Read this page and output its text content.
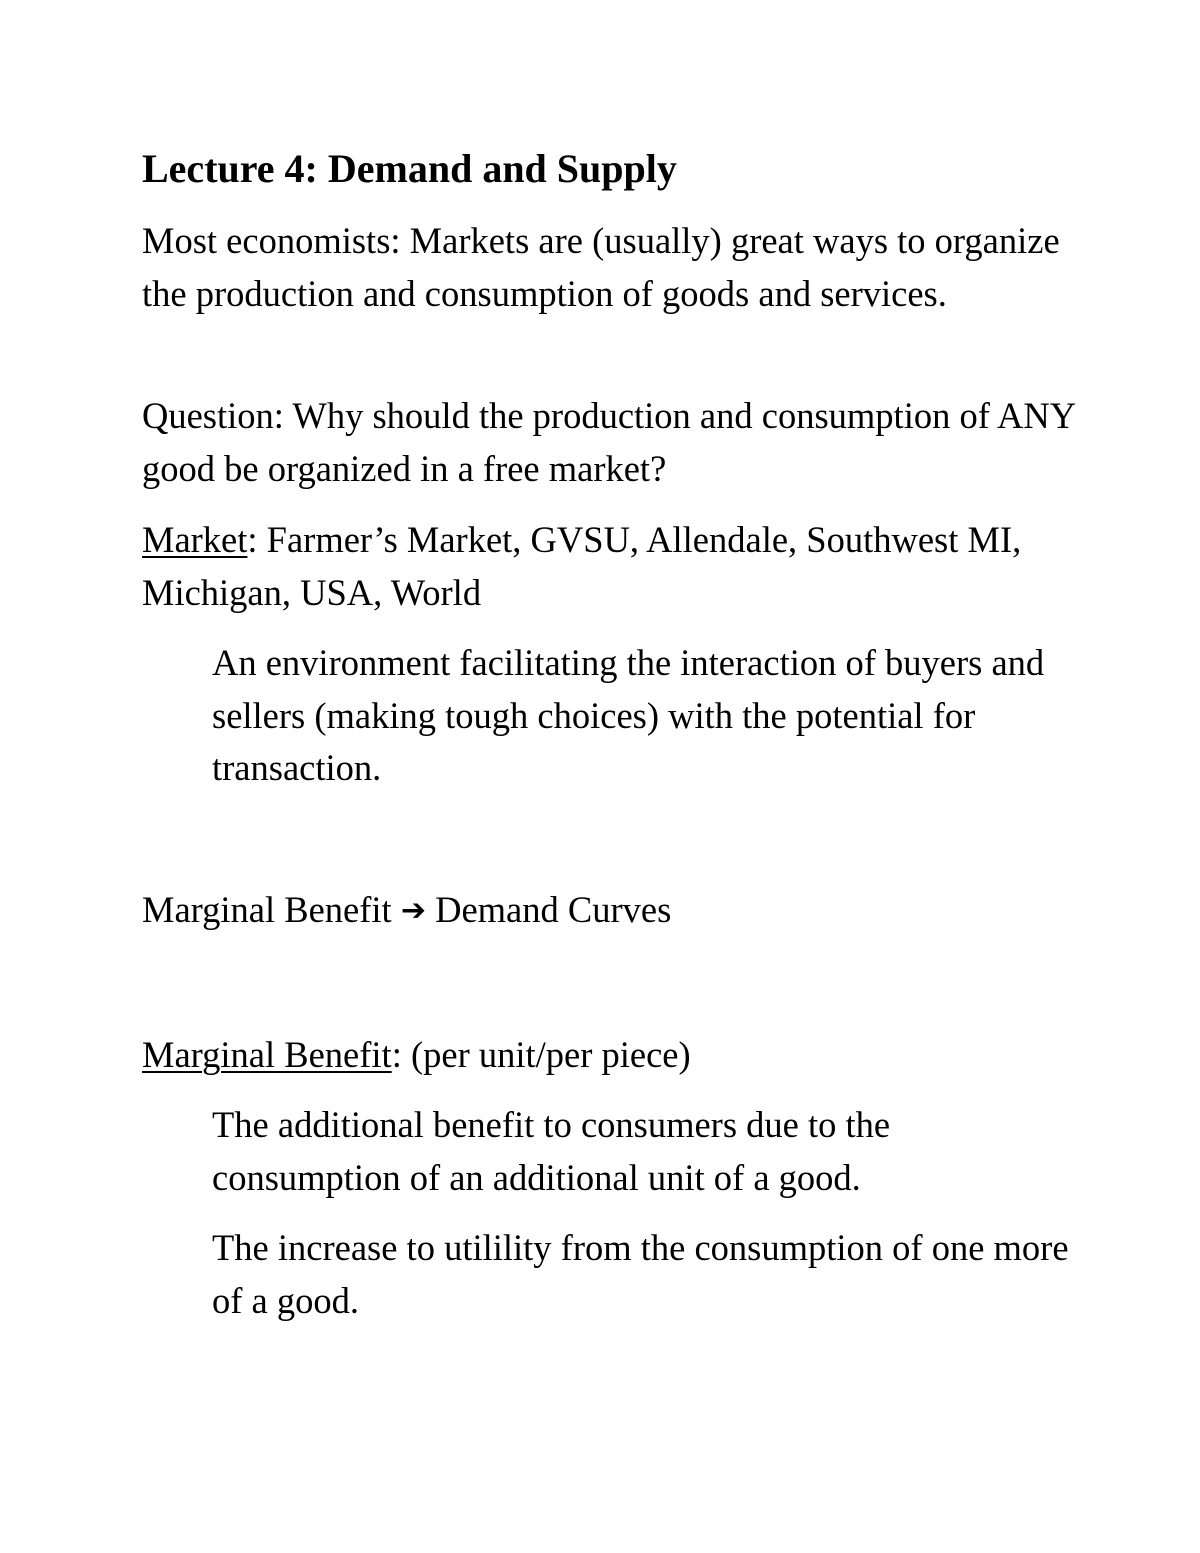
Lecture 4: Demand and Supply

Most economists: Markets are (usually) great ways to organize the production and consumption of goods and services.

Question: Why should the production and consumption of ANY good be organized in a free market?

Market: Farmer’s Market, GVSU, Allendale, Southwest MI, Michigan, USA, World

An environment facilitating the interaction of buyers and sellers (making tough choices) with the potential for transaction.

Marginal Benefit ➔ Demand Curves

Marginal Benefit: (per unit/per piece)

The additional benefit to consumers due to the consumption of an additional unit of a good.

The increase to utilility from the consumption of one more of a good.
